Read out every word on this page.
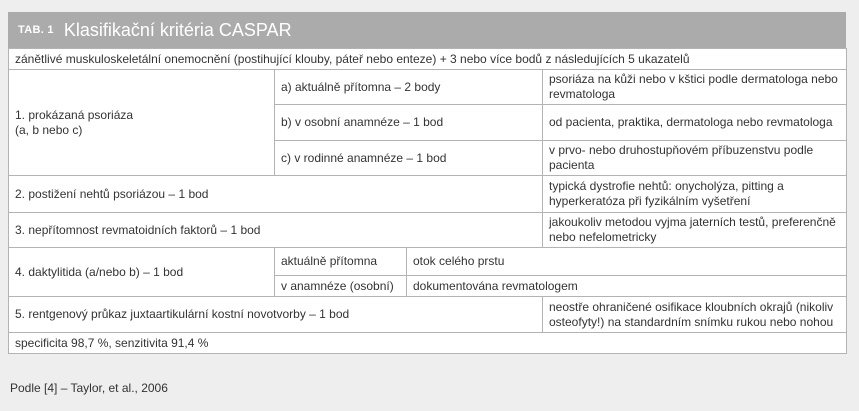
TAB. 1 Klasifikační kritéria CASPAR
zánětlivé muskuloskeletální onemocnění (postihující klouby, páteř nebo enteze) + 3 nebo více bodů z následujících 5 ukazatelů			
1. prokázaná psoriáza
(a, b nebo c)	a) aktuálně přítomna – 2 body		psoriáza na kůži nebo v kštici podle dermatologa nebo revmatologa
	b) v osobní anamnéze – 1 bod		od pacienta, praktika, dermatologa nebo revmatologa
	c) v rodinné anamnéze – 1 bod		v prvo- nebo druhostupňovém příbuzenstvu podle pacienta
2. postižení nehtů psoriázou – 1 bod			typická dystrofie nehtů: onycholýza, pitting a hyperkeratóza při fyzikálním vyšetření
3. nepřítomnost revmatoidních faktorů – 1 bod			jakoukoliv metodou vyjma jaterních testů, preferenčně nebo nefelometricky
4. daktylitida (a/nebo b) – 1 bod	aktuálně přítomna	otok celého prstu	
	v anamnéze (osobní)	dokumentována revmatologem	
5. rentgenový průkaz juxtaartikulární kostní novotvorby – 1 bod			neostře ohraničené osifikace kloubních okrajů (nikoliv osteofyty!) na standardním snímku rukou nebo nohou
specificita 98,7 %, senzitivita 91,4 %			
Podle [4] – Taylor, et al., 2006
